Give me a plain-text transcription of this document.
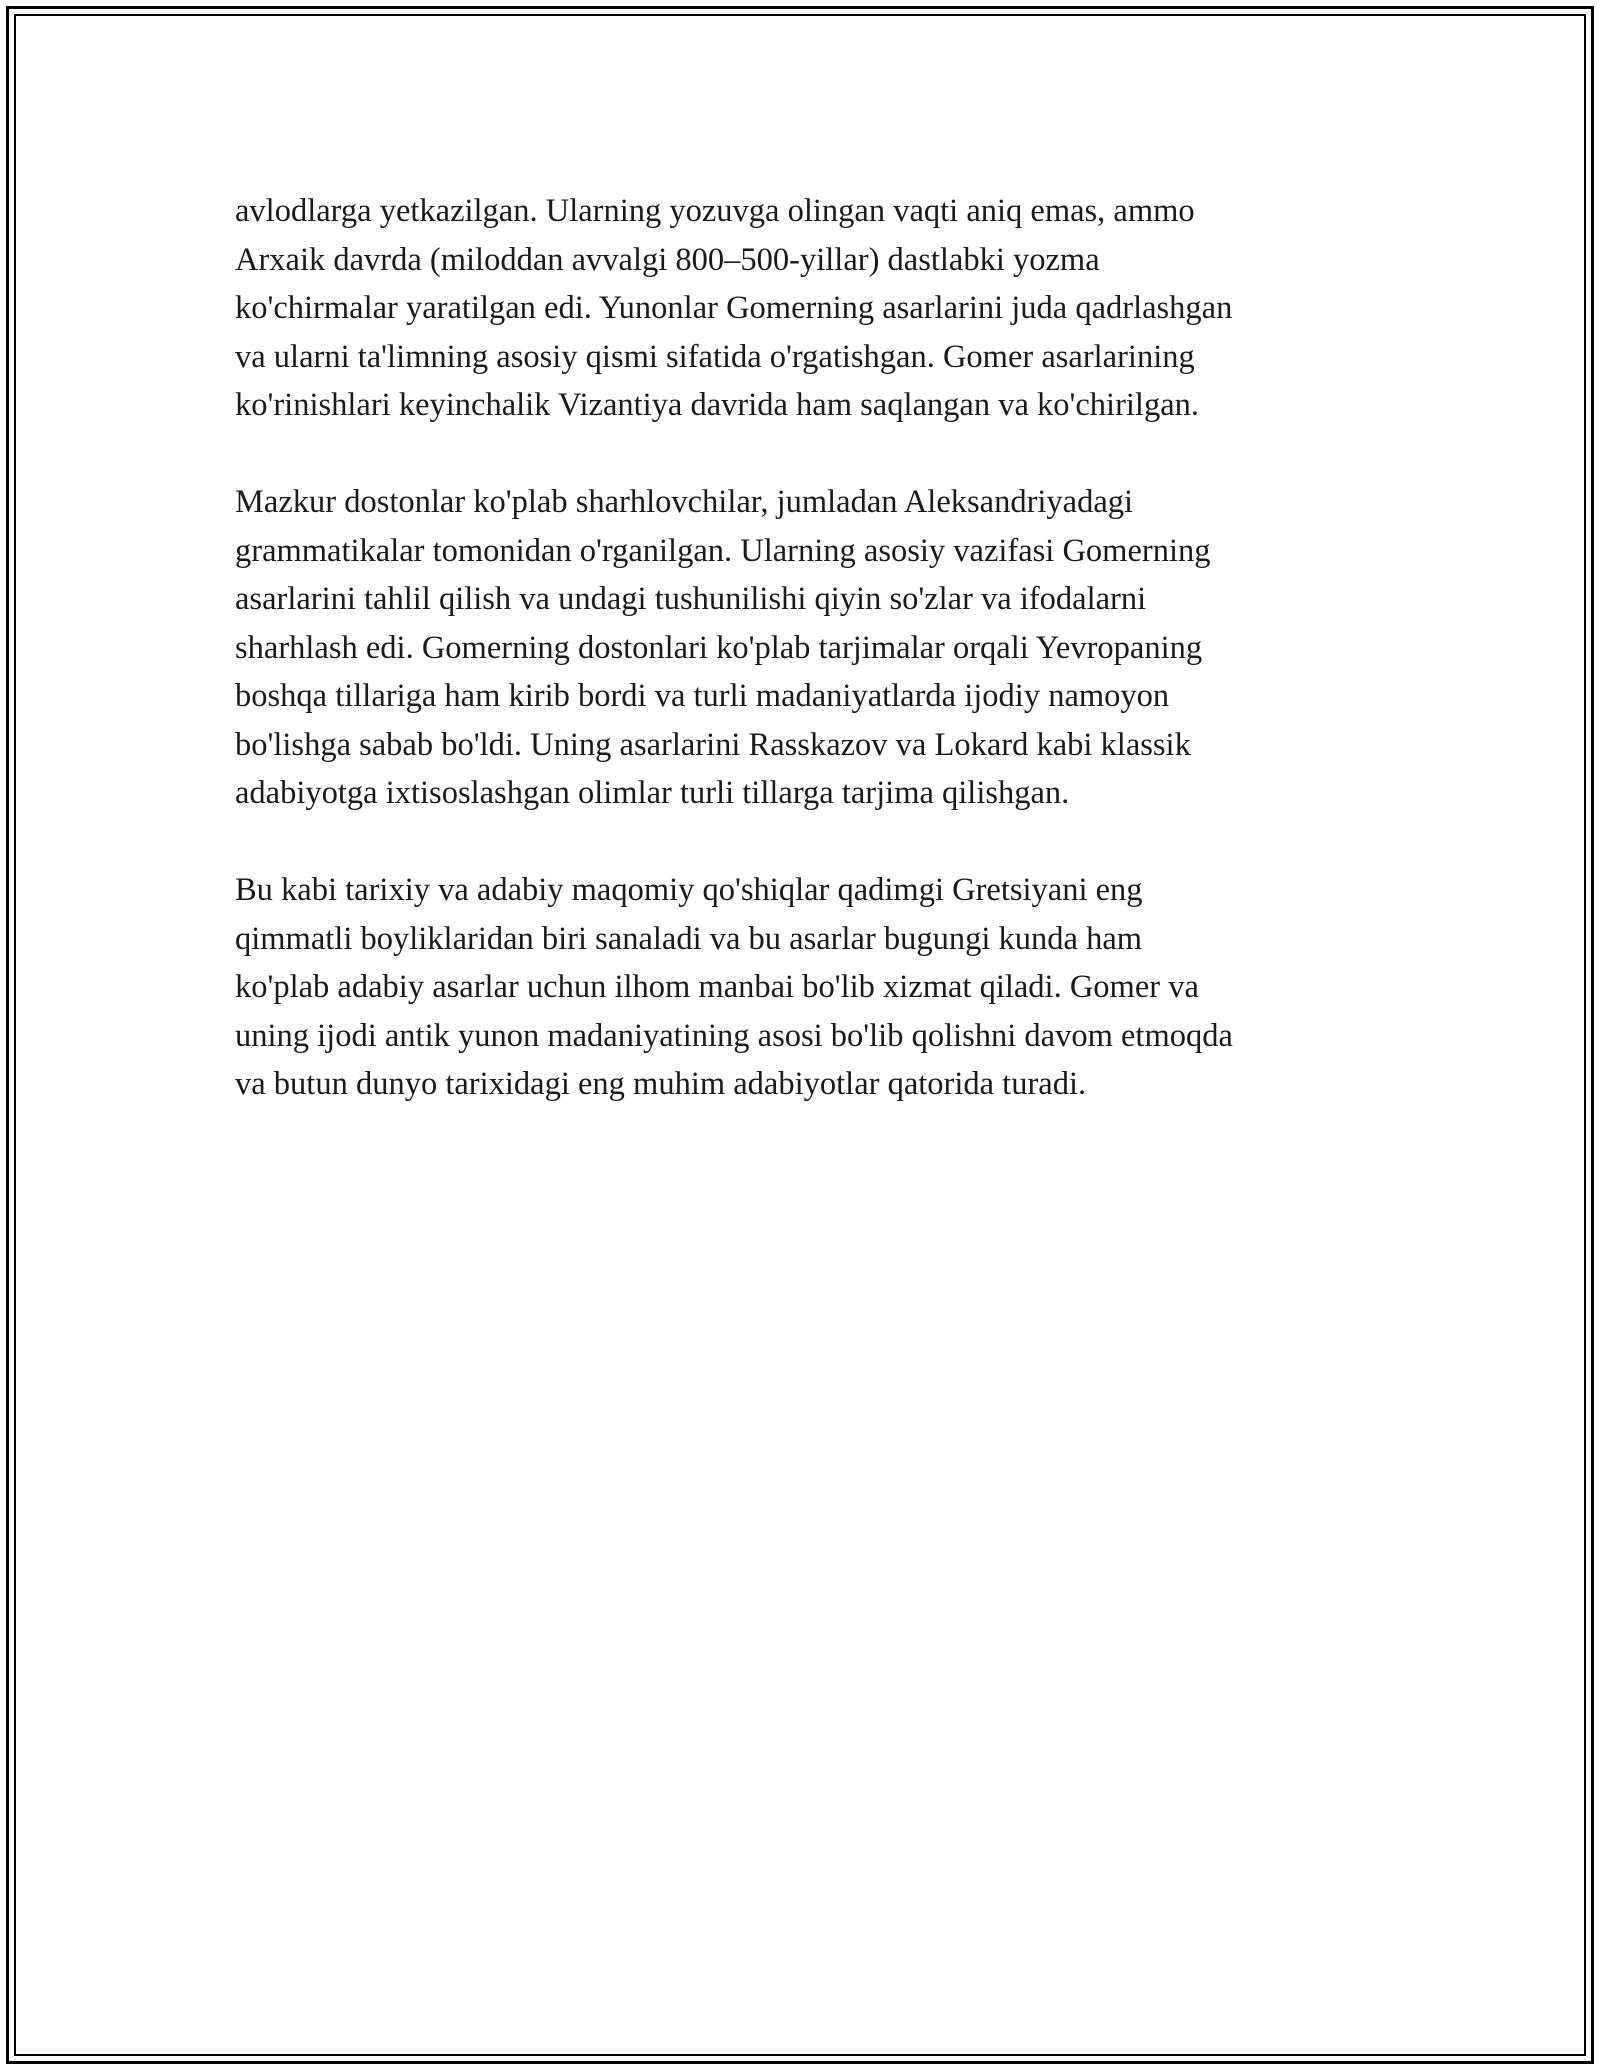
avlodlarga yetkazilgan. Ularning yozuvga olingan vaqti aniq emas, ammo
Arxaik davrda (miloddan avvalgi 800–500-yillar) dastlabki yozma
ko'chirmalar yaratilgan edi. Yunonlar Gomerning asarlarini juda qadrlashgan
va ularni ta'limning asosiy qismi sifatida o'rgatishgan. Gomer asarlarining
ko'rinishlari keyinchalik Vizantiya davrida ham saqlangan va ko'chirilgan.

Mazkur dostonlar ko'plab sharhlovchilar, jumladan Aleksandriyadagi
grammatikalar tomonidan o'rganilgan. Ularning asosiy vazifasi Gomerning
asarlarini tahlil qilish va undagi tushunilishi qiyin so'zlar va ifodalarni
sharhlash edi. Gomerning dostonlari ko'plab tarjimalar orqali Yevropaning
boshqa tillariga ham kirib bordi va turli madaniyatlarda ijodiy namoyon
bo'lishga sabab bo'ldi. Uning asarlarini Rasskazov va Lokard kabi klassik
adabiyotga ixtisoslashgan olimlar turli tillarga tarjima qilishgan.

Bu kabi tarixiy va adabiy maqomiy qo'shiqlar qadimgi Gretsiyani eng
qimmatli boyliklaridan biri sanaladi va bu asarlar bugungi kunda ham
ko'plab adabiy asarlar uchun ilhom manbai bo'lib xizmat qiladi. Gomer va
uning ijodi antik yunon madaniyatining asosi bo'lib qolishni davom etmoqda
va butun dunyo tarixidagi eng muhim adabiyotlar qatorida turadi.
